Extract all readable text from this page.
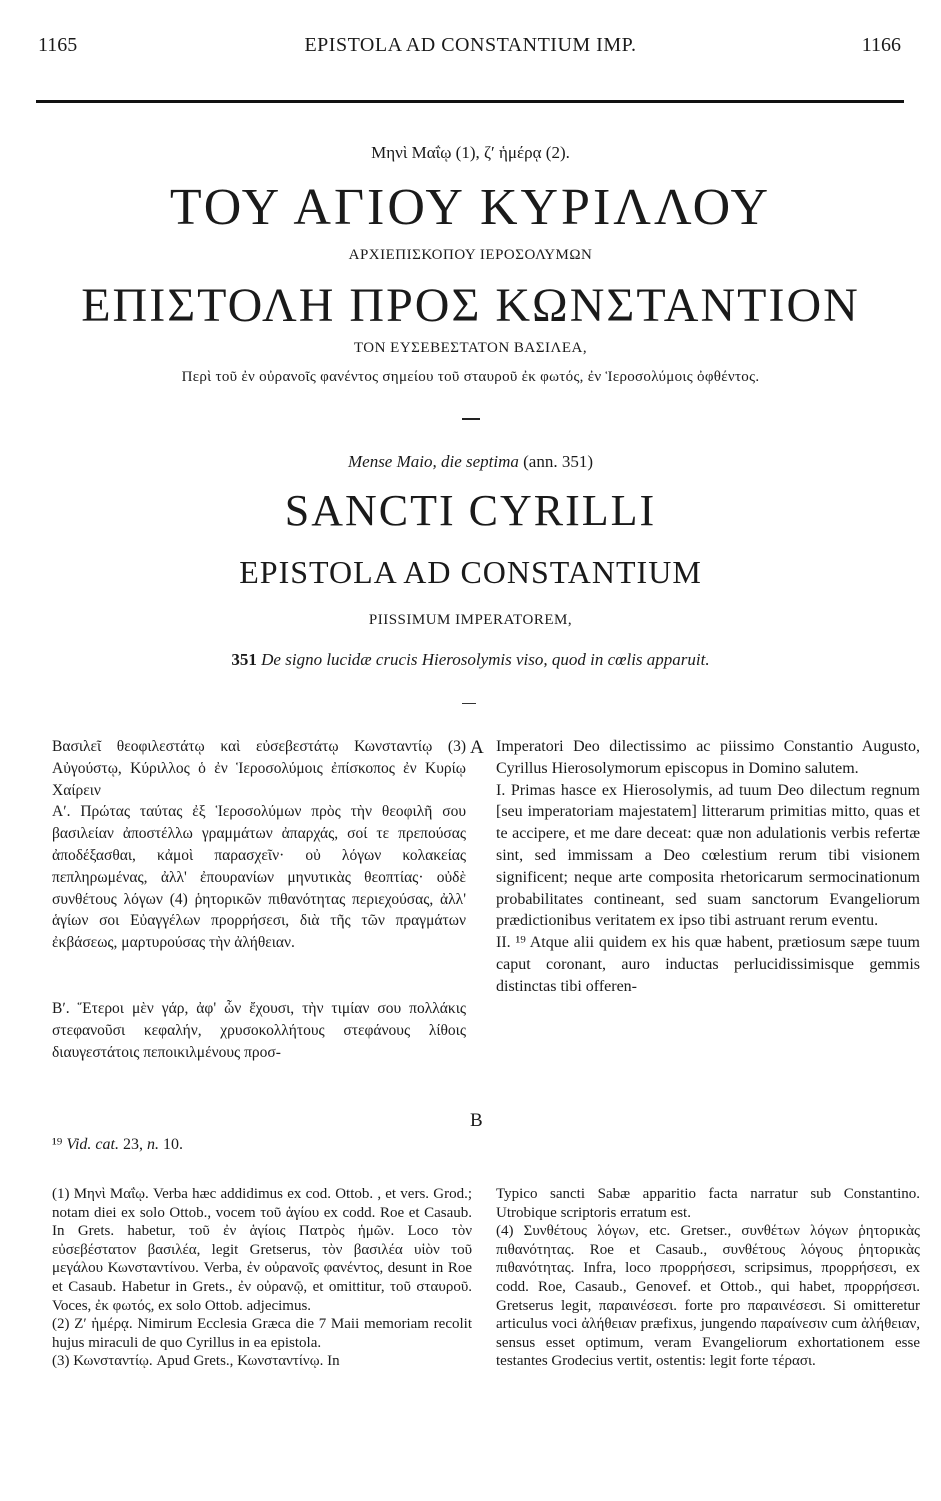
1165	EPISTOLA AD CONSTANTIUM IMP.	1166
Μηνὶ Μαΐῳ (1), ζʹ ἡμέρᾳ (2).
ΤΟΥ ΑΓΙΟΥ ΚΥΡΙΛΛΟΥ
ΑΡΧΙΕΠΙΣΚΟΠΟΥ ΙΕΡΟΣΟΛΥΜΩΝ
ΕΠΙΣΤΟΛΗ ΠΡΟΣ ΚΩΝΣΤΑΝΤΙΟΝ
ΤΟΝ ΕΥΣΕΒΕΣΤΑΤΟΝ ΒΑΣΙΛΕΑ,
Περὶ τοῦ ἐν οὐρανοῖς φανέντος σημείου τοῦ σταυροῦ ἐκ φωτός, ἐν Ἱεροσολύμοις ὀφθέντος.
Mense Maio, die septima (ann. 351)
SANCTI CYRILLI
EPISTOLA AD CONSTANTIUM
PIISSIMUM IMPERATOREM,
351 De signo lucidæ crucis Hierosolymis viso, quod in cœlis apparuit.

Βασιλεῖ θεοφιλεστάτῳ καὶ εὐσεβεστάτῳ Κωνσταντίῳ (3) Αὐγούστῳ, Κύριλλος ὁ ἐν Ἱεροσολύμοις ἐπίσκοπος ἐν Κυρίῳ Χαίρειν

Αʹ. Πρώτας ταύτας ἐξ Ἱεροσολύμων πρὸς τὴν θεοφιλῆ σου βασιλείαν ἀποστέλλω γραμμάτων ἀπαρχάς, σοί τε πρεπούσας ἀποδέξασθαι, κἀμοὶ παρασχεῖν· οὐ λόγων κολακείας πεπληρωμένας, ἀλλ' ἐπουρανίων μηνυτικὰς θεοπτίας· οὐδὲ συνθέτους λόγων (4) ῥητορικῶν πιθανότητας περιεχούσας, ἀλλ' ἁγίων σοι Εὐαγγέλων προρρήσεσι, διὰ τῆς τῶν πραγμάτων ἐκβάσεως, μαρτυρούσας τὴν ἀλήθειαν.

Βʹ. Ἕτεροι μὲν γάρ, ἀφ' ὧν ἔχουσι, τὴν τιμίαν σου πολλάκις στεφανοῦσι κεφαλήν, χρυσοκολλήτους στεφάνους λίθοις διαυγεστάτοις πεποικιλμένους προσ-

A
B

Imperatori Deo dilectissimo ac piissimo Constantio Augusto, Cyrillus Hierosolymorum episcopus in Domino salutem.

I. Primas hasce ex Hierosolymis, ad tuum Deo dilectum regnum [seu imperatoriam majestatem] litterarum primitias mitto, quas et te accipere, et me dare deceat: quæ non adulationis verbis refertæ sint, sed immissam a Deo cœlestium rerum tibi visionem significent; neque arte composita rhetoricarum sermocinationum probabilitates contineant, sed suam sanctorum Evangeliorum prædictionibus veritatem ex ipso tibi astruant rerum eventu.

II. ¹⁹ Atque alii quidem ex his quæ habent, prætiosum sæpe tuum caput coronant, auro inductas perlucidissimisque gemmis distinctas tibi offeren-

¹⁹ Vid. cat. 23, n. 10.

(1) Μηνὶ Μαΐῳ. Verba hæc addidimus ex cod. Ottob. , et vers. Grod.; notam diei ex solo Ottob., vocem τοῦ ἁγίου ex codd. Roe et Casaub. In Grets. habetur, τοῦ ἐν ἁγίοις Πατρὸς ἡμῶν. Loco τὸν εὐσεβέστατον βασιλέα, legit Gretserus, τὸν βασιλέα υἱὸν τοῦ μεγάλου Κωνσταντίνου. Verba, ἐν οὐρανοῖς φανέντος, desunt in Roe et Casaub. Habetur in Grets., ἐν οὐρανῷ, et omittitur, τοῦ σταυροῦ. Voces, ἐκ φωτός, ex solo Ottob. adjecimus.

(2) Ζʹ ἡμέρᾳ. Nimirum Ecclesia Græca die 7 Maii memoriam recolit hujus miraculi de quo Cyrillus in ea epistola.

(3) Κωνσταντίῳ. Apud Grets., Κωνσταντίνῳ. In

Typico sancti Sabæ apparitio facta narratur sub Constantino. Utrobique scriptoris erratum est.

(4) Συνθέτους λόγων, etc. Gretser., συνθέτων λόγων ῥητορικὰς πιθανότητας. Roe et Casaub., συνθέτους λόγους ῥητορικὰς πιθανότητας. Infra, loco προρρήσεσι, scripsimus, προρρήσεσι, ex codd. Roe, Casaub., Genovef. et Ottob., qui habet, προρρήσεσι. Gretserus legit, παραινέσεσι. forte pro παραινέσεσι. Si omitteretur articulus voci ἀλήθειαν præfixus, jungendo παραίνεσιν cum ἀλήθειαν, sensus esset optimum, veram Evangeliorum exhortationem esse testantes Grodecius vertit, ostentis: legit forte τέρασι.
